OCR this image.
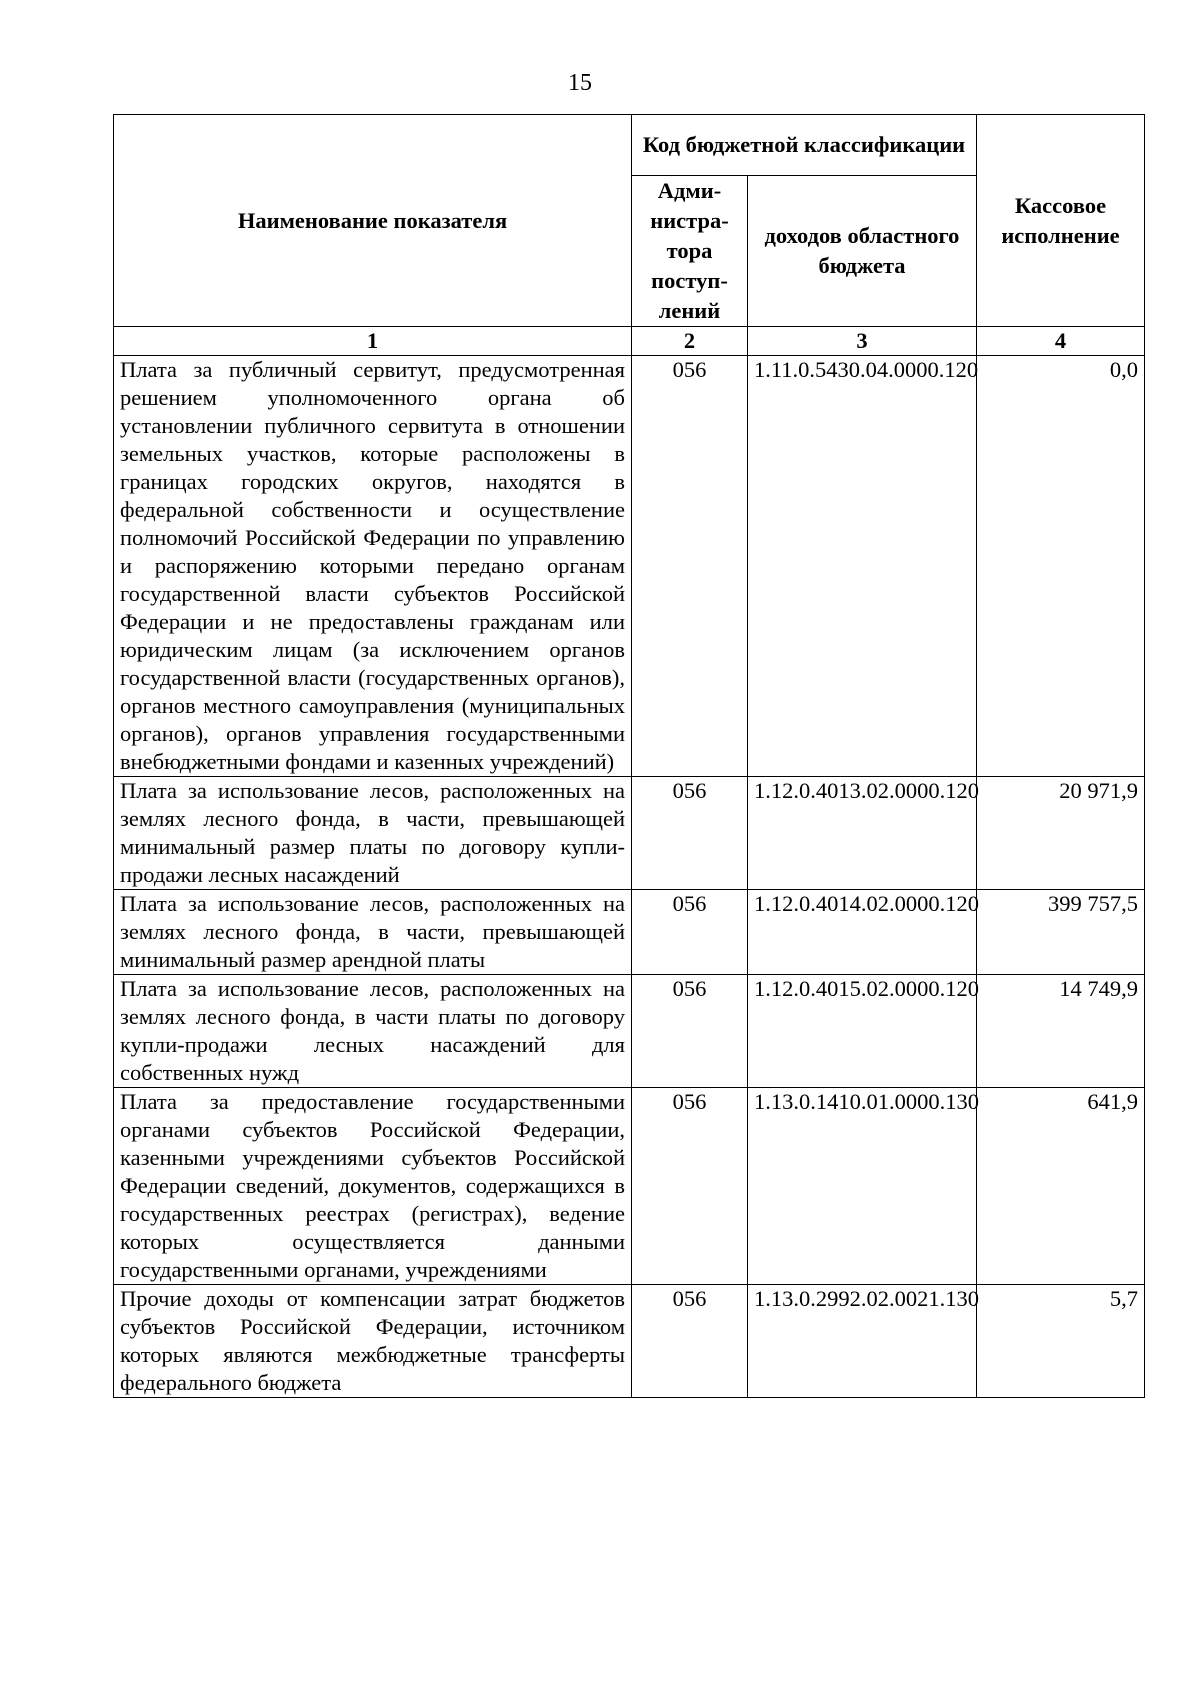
15
Наименование показателя	Код бюджетной классификации		Кассовое исполнение
	Адми-нистра-тора поступ-лений	доходов областного бюджета	
1	2	3	4
Плата за публичный сервитут, предусмотренная решением уполномоченного органа об установлении публичного сервитута в отношении земельных участков, которые расположены в границах городских округов, находятся в федеральной собственности и осуществление полномочий Российской Федерации по управлению и распоряжению которыми передано органам государственной власти субъектов Российской Федерации и не предоставлены гражданам или юридическим лицам (за исключением органов государственной власти (государственных органов), органов местного самоуправления (муниципальных органов), органов управления государственными внебюджетными фондами и казенных учреждений)	056	1.11.0.5430.04.0000.120	0,0
Плата за использование лесов, расположенных на землях лесного фонда, в части, превышающей минимальный размер платы по договору купли-продажи лесных насаждений	056	1.12.0.4013.02.0000.120	20 971,9
Плата за использование лесов, расположенных на землях лесного фонда, в части, превышающей минимальный размер арендной платы	056	1.12.0.4014.02.0000.120	399 757,5
Плата за использование лесов, расположенных на землях лесного фонда, в части платы по договору купли-продажи лесных насаждений для собственных нужд	056	1.12.0.4015.02.0000.120	14 749,9
Плата за предоставление государственными органами субъектов Российской Федерации, казенными учреждениями субъектов Российской Федерации сведений, документов, содержащихся в государственных реестрах (регистрах), ведение которых осуществляется данными государственными органами, учреждениями	056	1.13.0.1410.01.0000.130	641,9
Прочие доходы от компенсации затрат бюджетов субъектов Российской Федерации, источником которых являются межбюджетные трансферты федерального бюджета	056	1.13.0.2992.02.0021.130	5,7
